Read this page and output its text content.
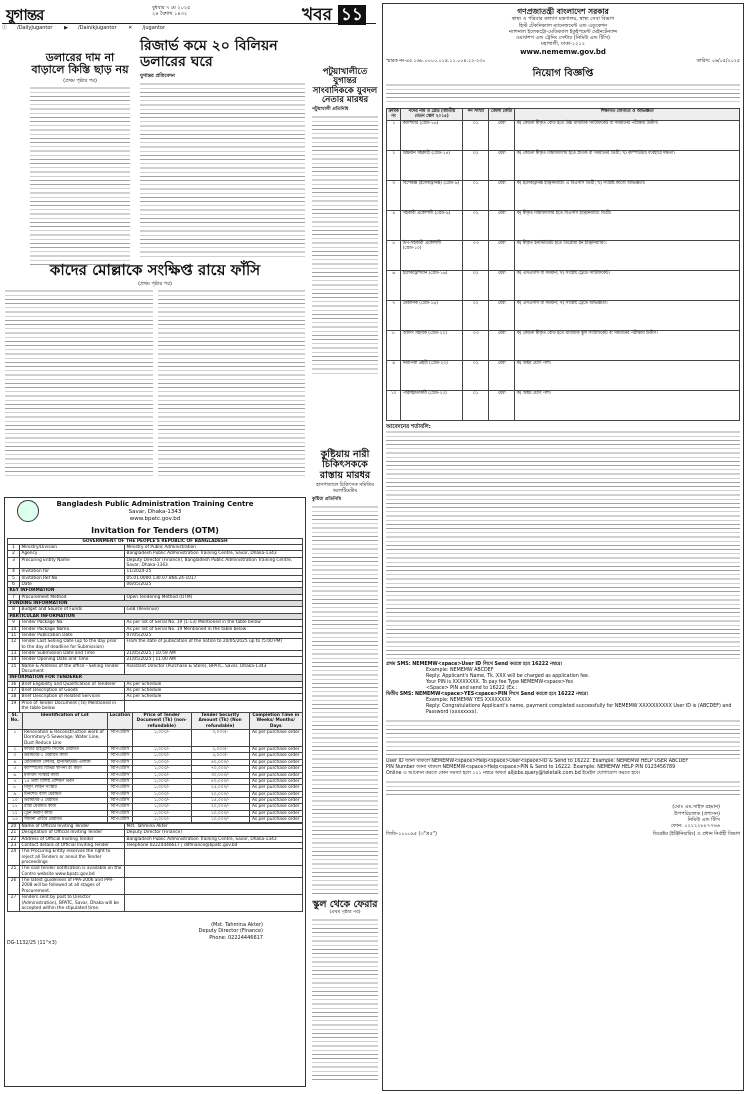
যুগান্তর	বুধবার ৭ মে ২০২৫
২৪ বৈশাখ ১৪৩২	খবর ১১
ⓕ /DailyJugantor ▶ /DainikJugantor ✕ /jugantor
ডলারের দাম না বাড়ালে কিস্তি ছাড় নয়
(প্রথম পৃষ্ঠার পর)
রিজার্ভ কমে ২০ বিলিয়ন ডলারের ঘরে
যুগান্তর প্রতিবেদন	পটুয়াখালীতে যুগান্তর সাংবাদিককে যুবদল নেতার মারধর
পটুয়াখালী প্রতিনিধি
কাদের মোল্লাকে সংক্ষিপ্ত রায়ে ফাঁসি
(প্রথম পৃষ্ঠার পর)
কুষ্টিয়ায় নারী চিকিৎসককে রাস্তায় মারধর
হাসপাতালে চিকিৎসক সমিতির আলটিমেটাম
কুষ্টিয়া প্রতিনিধি
স্কুল থেকে ফেরার
(প্রথম পৃষ্ঠার পর)
Bangladesh Public Administration Training Centre
Savar, Dhaka-1343
www.bpatc.gov.bd
Invitation for Tenders (OTM)
GOVERNMENT OF THE PEOPLE'S REPUBLIC OF BANGLADESH		
1	Ministry/Division	Ministry of Public Administration
2	Agency	Bangladesh Public Administration Training Centre, Savar, Dhaka-1343
3	Procuring Entity Name	Deputy Director (Finance), Bangladesh Public Administration Training Centre, Savar, Dhaka-1343
4	Invitation for	11/2024-25
5	Invitation Ref No	05.01.0000.130.07.866.24-1017
6	Date	06/05/2025
KEY INFORMATION		
7	Procurement Method	Open Tendering Method (OTM)
FUNDING INFORMATION		
8	Budget and Source of Funds	GoB (Revenue)
PARTICULAR INFORMATION		
9	Tender Package No.	As per list of Serial No. 19 (1-13) Mentioned in the table below
10	Tender Package Name.	As per list of Serial No. 19 Mentioned in the table below
11	Tender Publication Date	07/05/2025
12	Tender Last Selling Date (up to the day prior to the day of deadline for Submission)	From the date of publication of the notice to 20/05/2025 up to (5:00 PM)
13	Tender Submission Date and Time	21/05/2025 | 10.59 AM
14	Tender Opening Date and Time	21/05/2025 | 11.00 AM
15	Name & Address of the office - Selling Tender Document	Assistant Director (Purchase & Store), BPATC, Savar, Dhaka-1343
INFORMATION FOR TENDERER		
16	Brief Eligibility and Qualification of Tenderer	As per Schedule
17	Brief Description of Goods	As per Schedule
18	Brief Description of Related Services	As per Schedule
19	Price of Tender Document (Tk) Mentioned in the table below	
Sl. No.	Identification of Lot	Location	Price of Tender Document (Tk) (non-refundable)	Tender Security Amount (Tk) (Non refundable)	Completion Time in Weeks/ Months/ Days
১	Renovation & Reconstruction work of Dormitory-5 Sewerage, Water Line, Dust Reduce Line	বিপিএটিসি	১,০০০/-	৩,০০০/-	As per purchase order
২	ফায়ার হাইড্র্যান্ট সিস্টেম মেরামত	বিপিএটিসি	১,০০০/-	১,০০০/-	As per purchase order
৩	ডরমিটরি-২ মেরামত কাজ	বিপিএটিসি	১,০০০/-	৫,০০০/-	As per purchase order
৪	মেডিক্যাল সেন্টার, ইনিস্টিটিউট এলাকা	বিপিএটিসি	১,০০০/-	৪০,০০০/-	As per purchase order
৫	ক্যাম্পাসের বিভিন্ন স্থাপনা রং করণ	বিপিএটিসি	১,০০০/-	৭০,০০০/-	As per purchase order
৬	মসজিদ সংস্কার কাজ	বিপিএটিসি	১,০০০/-	৩০,০০০/-	As per purchase order
৭	১৫ তলা বিশিষ্ট প্রশিক্ষণ ভবন	বিপিএটিসি	১,০০০/-	৫০,০০০/-	As per purchase order
৮	বিদ্যুৎ লাইন সংস্কার	বিপিএটিসি	১,০০০/-	২৫,০০০/-	As per purchase order
৯	টিনশেড বাসা মেরামত	বিপিএটিসি	১,০০০/-	২০,০০০/-	As per purchase order
১০	ডরমিটরি-৫ মেরামত	বিপিএটিসি	১,০০০/-	১৫,০০০/-	As per purchase order
১১	রাস্তা মেরামত কাজ	বিপিএটিসি	১,০০০/-	২০,০০০/-	As per purchase order
১২	ড্রেন নির্মাণ কাজ	বিপিএটিসি	১,০০০/-	১০,০০০/-	As per purchase order
১৩	সীমানা প্রাচীর মেরামত	বিপিএটিসি	১,০০০/-	১০,০০০/-	As per purchase order
20	Name of Official Inviting Tender	Mst. Tahmina Akter
21	Designation of Official Inviting Tender	Deputy Director (Finance)
22	Address of Official Inviting Tender	Bangladesh Public Administration Training Centre, Savar, Dhaka-1343
23	Contact details of Official Inviting Tender	Telephone 02224446617 | ddfinance@bpatc.gov.bd
24	The Procuring Entity reserves the right to reject all Tenders or annul the Tender proceedings	
25	The said tender notification is available on the Contro website www.bpatc.gov.bd	
26	The latest guidelines of PPA-2006 and PPR-2008 will be followed at all stages of Procurement.	
27	Tenders sent by post to Director (Administration), BPATC, Savar, Dhaka will be accepted within the stipulated time.	
(Mst. Tahmina Akter)
Deputy Director (Finance)
Phone: 02224446617
DG-1132/25 (11"×3)
গণপ্রজাতন্ত্রী বাংলাদেশ সরকার
স্বাস্থ্য ও পরিবার কল্যাণ মন্ত্রণালয়, স্বাস্থ্য সেবা বিভাগ
হিস্ট টেকনিক্যাল ম্যানেজমেন্ট এন্ড এডুকেশন
ন্যাশনাল ইলেকট্রো-মেডিক্যাল ইকুইপমেন্ট মেইনটেন্যান্স
ওয়ার্কশপ এন্ড ট্রেনিং সেন্টার (নিমিউ এন্ড টিসি)
মহাখালী, ঢাকা-১২১২
www.nememw.gov.bd
স্মারক নং-৪৫.১৬৮.০০০০.০১৪.১১.০০৪.২২-২৩০	তারিখ: ০৬/০৫/২০২৫
নিয়োগ বিজ্ঞপ্তি
ক্রমিক নং	পদের নাম ও গ্রেড (জাতীয় বেতন স্কেল ২০১৫)	পদ সংখ্যা	জেলা কোটা	শিক্ষাগত যোগ্যতা ও অভিজ্ঞতা
১	ক্যাশিয়ার (গ্রেড-১৬)	০১	মেধা	ক) কোনো স্বীকৃত বোর্ড হতে উচ্চ মাধ্যমিক সার্টিফিকেট বা সমমানের পরীক্ষায় উত্তীর্ণ।
২	উচ্চমান সহকারী (গ্রেড-১৪)	০২	মেধা	ক) কোনো স্বীকৃত বিশ্ববিদ্যালয় হতে স্নাতক বা সমমানের ডিগ্রী; খ) কম্পিউটার ব্যবহারে দক্ষতা।
৩	বিশেষজ্ঞ (ইলেকট্রনিক্স) (গ্রেড-৯)	০১	মেধা	ক) ইলেকট্রনিক্স ইঞ্জিনিয়ারিং এ বিএসসি ডিগ্রী; খ) সংশ্লিষ্ট কাজে অভিজ্ঞতা।
৪	সহকারী প্রকৌশলী (গ্রেড-৯)	০২	মেধা	ক) স্বীকৃত বিশ্ববিদ্যালয় হতে বিএসসি ইঞ্জিনিয়ারিং ডিগ্রী।
৫	উপ-সহকারী প্রকৌশলী (গ্রেড-১০)	০৩	মেধা	ক) স্বীকৃত ইনস্টিটিউট হতে ডিপ্লোমা ইন ইঞ্জিনিয়ারিং।
৬	ইলেকট্রিশিয়ান (গ্রেড-১৬)	০২	মেধা	ক) এসএসসি বা সমমান; খ) সংশ্লিষ্ট ট্রেডে সার্টিফিকেট।
৭	মেকানিক (গ্রেড-১৬)	০২	মেধা	ক) এসএসসি বা সমমান; খ) সংশ্লিষ্ট ট্রেডে অভিজ্ঞতা।
৮	অফিস সহায়ক (গ্রেড-২০)	০৩	মেধা	ক) কোনো স্বীকৃত বোর্ড হতে মাধ্যমিক স্কুল সার্টিফিকেট বা সমমানের পরীক্ষায় উত্তীর্ণ।
৯	নিরাপত্তা প্রহরী (গ্রেড-২০)	০২	মেধা	ক) অষ্টম শ্রেণি পাশ।
১০	পরিচ্ছন্নতাকর্মী (গ্রেড-২০)	০১	মেধা	ক) অষ্টম শ্রেণি পাশ।
আবেদনের শর্তাবলি:
প্রথম SMS: NEMEMW<space>User ID লিখে Send করতে হবে 16222 নম্বরে।
Example: NEMEMW ABCDEF
Reply: Applicant's Name, Tk. XXX will be charged as application fee.
Your PIN is XXXXXXXX. To pay fee Type NEMEMW<space>Yes
<Space> PIN and send to 16222 (Ex.:
দ্বিতীয় SMS: NEMEMW<space>YES<space>PIN লিখে Send করতে হবে 16222 নম্বরে।
Example: NEMEMW YES XXXXXXXX
Reply: Congratulations Applicant's name, payment completed successfully for NEMEMW XXXXXXXXXX User ID is (ABCDEF) and Password (xxxxxxxx).
User ID জানা থাকলে NEMEMW<space>Help<space>User<space>ID & Send to 16222. Example: NEMEMW HELP USER ABCDEF
PIN Number জানা থাকলে NEMEMW<space>Help<space>PIN & Send to 16222. Example: NEMEMW HELP PIN 0123456789
Online এ আবেদন করতে কোন সমস্যা হলে ১২১ নম্বরে অথবা alljobs.query@teletalk.com.bd ইমেইল যোগাযোগ করতে হবে।
(মোঃ এম.সাইফ রহমান)
উপপরিচালক (প্রশাসন)
নিমিউ এন্ড টিসি
ফোন: ০২২২২৮৮৭৭৬৬
জিডি-১০০০৯৫ (৩"×৫")	ডিরেক্টর (ইঞ্জিনিয়ারিং) ও প্রধান নির্বাহী বিভাগ
